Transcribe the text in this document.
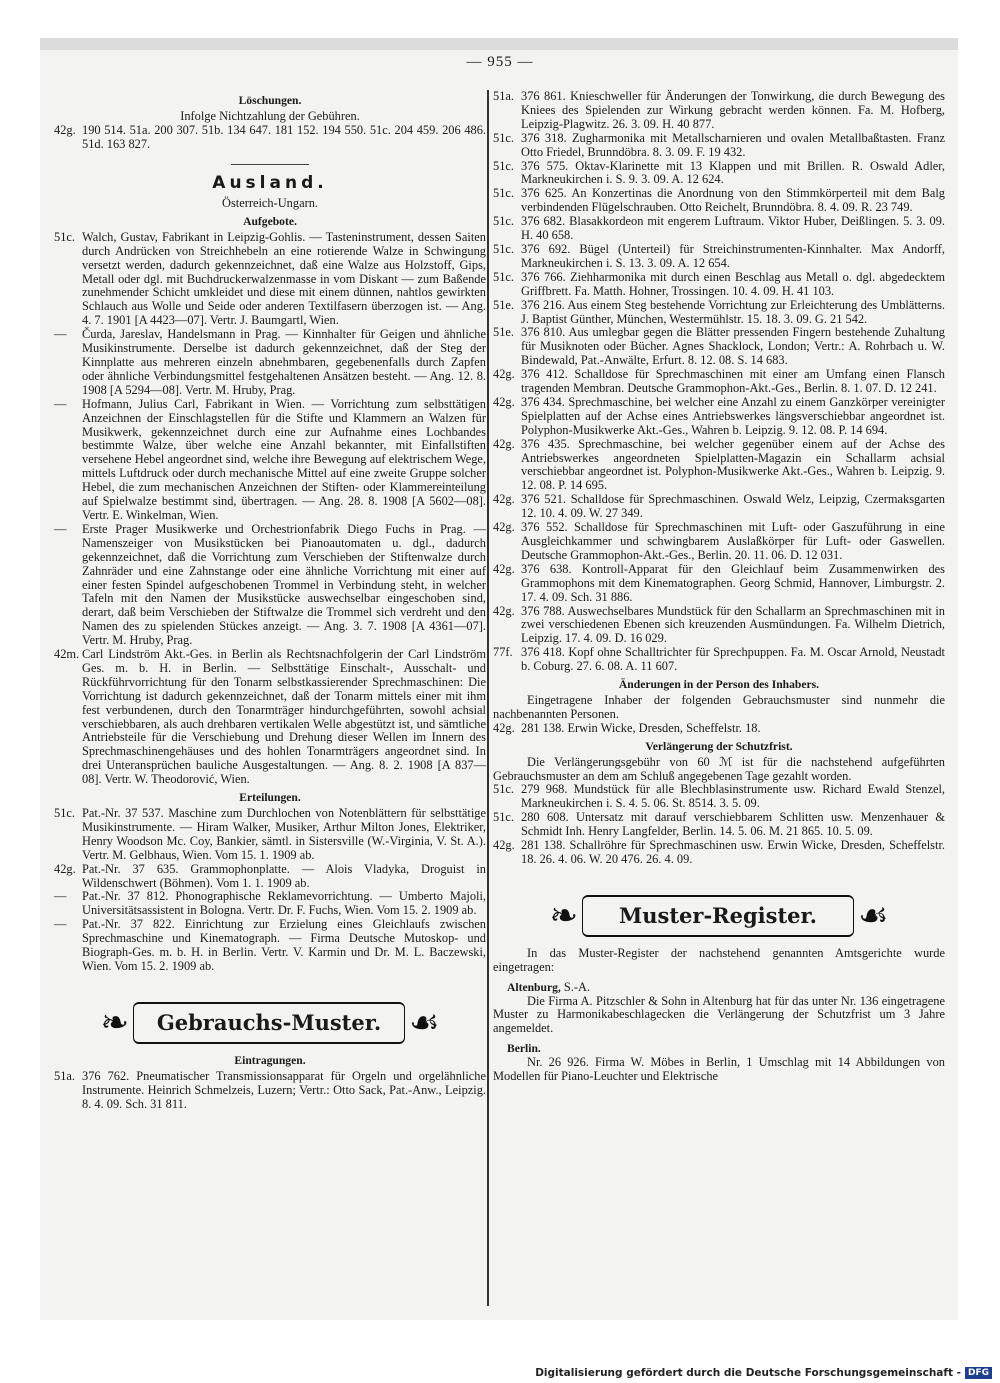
— 955 —
Löschungen.
Infolge Nichtzahlung der Gebühren.
42g. 190 514. 51a. 200 307. 51b. 134 647. 181 152. 194 550. 51c. 204 459. 206 486. 51d. 163 827.
Ausland.
Österreich-Ungarn.
Aufgebote.
51c. Walch, Gustav, Fabrikant in Leipzig-Gohlis. — Tasteninstrument, dessen Saiten durch Andrücken von Streichhebeln an eine rotierende Walze in Schwingung versetzt werden, dadurch gekennzeichnet, daß eine Walze aus Holzstoff, Gips, Metall oder dgl. mit Buchdruckerwalzenmasse in vom Diskant — zum Baßende zunehmender Schicht umkleidet und diese mit einem dünnen, nahtlos gewirkten Schlauch aus Wolle und Seide oder anderen Textilfasern überzogen ist. — Ang. 4. 7. 1901 [A 4423—07]. Vertr. J. Baumgartl, Wien.
— Čurda, Jareslav, Handelsmann in Prag. — Kinnhalter für Geigen und ähnliche Musikinstrumente. Derselbe ist dadurch gekennzeichnet, daß der Steg der Kinnplatte aus mehreren einzeln abnehmbaren, gegebenenfalls durch Zapfen oder ähnliche Verbindungsmittel festgehaltenen Ansätzen besteht. — Ang. 12. 8. 1908 [A 5294—08]. Vertr. M. Hruby, Prag.
— Hofmann, Julius Carl, Fabrikant in Wien. — Vorrichtung zum selbsttätigen Anzeichnen der Einschlagstellen für die Stifte und Klammern an Walzen für Musikwerk, gekennzeichnet durch eine zur Aufnahme eines Lochbandes bestimmte Walze, über welche eine Anzahl bekannter, mit Einfallstiften versehene Hebel angeordnet sind, welche ihre Bewegung auf elektrischem Wege, mittels Luftdruck oder durch mechanische Mittel auf eine zweite Gruppe solcher Hebel, die zum mechanischen Anzeichnen der Stiften- oder Klammereinteilung auf Spielwalze bestimmt sind, übertragen. — Ang. 28. 8. 1908 [A 5602—08]. Vertr. E. Winkelman, Wien.
— Erste Prager Musikwerke und Orchestrionfabrik Diego Fuchs in Prag. — Namenszeiger von Musikstücken bei Pianoautomaten u. dgl., dadurch gekennzeichnet, daß die Vorrichtung zum Verschieben der Stiftenwalze durch Zahnräder und eine Zahnstange oder eine ähnliche Vorrichtung mit einer auf einer festen Spindel aufgeschobenen Trommel in Verbindung steht, in welcher Tafeln mit den Namen der Musikstücke auswechselbar eingeschoben sind, derart, daß beim Verschieben der Stiftwalze die Trommel sich verdreht und den Namen des zu spielenden Stückes anzeigt. — Ang. 3. 7. 1908 [A 4361—07]. Vertr. M. Hruby, Prag.
42m. Carl Lindström Akt.-Ges. in Berlin als Rechtsnachfolgerin der Carl Lindström Ges. m. b. H. in Berlin. — Selbsttätige Einschalt-, Ausschalt- und Rückführvorrichtung für den Tonarm selbstkassierender Sprechmaschinen: Die Vorrichtung ist dadurch gekennzeichnet, daß der Tonarm mittels einer mit ihm fest verbundenen, durch den Tonarmträger hindurchgeführten, sowohl achsial verschiebbaren, als auch drehbaren vertikalen Welle abgestützt ist, und sämtliche Antriebsteile für die Verschiebung und Drehung dieser Wellen im Innern des Sprechmaschinengehäuses und des hohlen Tonarmträgers angeordnet sind. In drei Unteransprüchen bauliche Ausgestaltungen. — Ang. 8. 2. 1908 [A 837—08]. Vertr. W. Theodorović, Wien.
Erteilungen.
51c. Pat.-Nr. 37 537. Maschine zum Durchlochen von Notenblättern für selbsttätige Musikinstrumente. — Hiram Walker, Musiker, Arthur Milton Jones, Elektriker, Henry Woodson Mc. Coy, Bankier, sämtl. in Sistersville (W.-Virginia, V. St. A.). Vertr. M. Gelbhaus, Wien. Vom 15. 1. 1909 ab.
42g. Pat.-Nr. 37 635. Grammophonplatte. — Alois Vladyka, Droguist in Wildenschwert (Böhmen). Vom 1. 1. 1909 ab.
— Pat.-Nr. 37 812. Phonographische Reklamevorrichtung. — Umberto Majoli, Universitätsassistent in Bologna. Vertr. Dr. F. Fuchs, Wien. Vom 15. 2. 1909 ab.
— Pat.-Nr. 37 822. Einrichtung zur Erzielung eines Gleichlaufs zwischen Sprechmaschine und Kinematograph. — Firma Deutsche Mutoskop- und Biograph-Ges. m. b. H. in Berlin. Vertr. V. Karmin und Dr. M. L. Baczewski, Wien. Vom 15. 2. 1909 ab.
❧	Gebrauchs-Muster. ☙
Eintragungen.
51a. 376 762. Pneumatischer Transmissionsapparat für Orgeln und orgelähnliche Instrumente. Heinrich Schmelzeis, Luzern; Vertr.: Otto Sack, Pat.-Anw., Leipzig. 8. 4. 09. Sch. 31 811.
51a. 376 861. Knieschweller für Änderungen der Tonwirkung, die durch Bewegung des Kniees des Spielenden zur Wirkung gebracht werden können. Fa. M. Hofberg, Leipzig-Plagwitz. 26. 3. 09. H. 40 877.
51c. 376 318. Zugharmonika mit Metallscharnieren und ovalen Metallbaßtasten. Franz Otto Friedel, Brunndöbra. 8. 3. 09. F. 19 432.
51c. 376 575. Oktav-Klarinette mit 13 Klappen und mit Brillen. R. Oswald Adler, Markneukirchen i. S. 9. 3. 09. A. 12 624.
51c. 376 625. An Konzertinas die Anordnung von den Stimmkörperteil mit dem Balg verbindenden Flügelschrauben. Otto Reichelt, Brunndöbra. 8. 4. 09. R. 23 749.
51c. 376 682. Blasakkordeon mit engerem Luftraum. Viktor Huber, Deißlingen. 5. 3. 09. H. 40 658.
51c. 376 692. Bügel (Unterteil) für Streichinstrumenten-Kinnhalter. Max Andorff, Markneukirchen i. S. 13. 3. 09. A. 12 654.
51c. 376 766. Ziehharmonika mit durch einen Beschlag aus Metall o. dgl. abgedecktem Griffbrett. Fa. Matth. Hohner, Trossingen. 10. 4. 09. H. 41 103.
51e. 376 216. Aus einem Steg bestehende Vorrichtung zur Erleichterung des Umblätterns. J. Baptist Günther, München, Westermühlstr. 15. 18. 3. 09. G. 21 542.
51e. 376 810. Aus umlegbar gegen die Blätter pressenden Fingern bestehende Zuhaltung für Musiknoten oder Bücher. Agnes Shacklock, London; Vertr.: A. Rohrbach u. W. Bindewald, Pat.-Anwälte, Erfurt. 8. 12. 08. S. 14 683.
42g. 376 412. Schalldose für Sprechmaschinen mit einer am Umfang einen Flansch tragenden Membran. Deutsche Grammophon-Akt.-Ges., Berlin. 8. 1. 07. D. 12 241.
42g. 376 434. Sprechmaschine, bei welcher eine Anzahl zu einem Ganzkörper vereinigter Spielplatten auf der Achse eines Antriebswerkes längsverschiebbar angeordnet ist. Polyphon-Musikwerke Akt.-Ges., Wahren b. Leipzig. 9. 12. 08. P. 14 694.
42g. 376 435. Sprechmaschine, bei welcher gegenüber einem auf der Achse des Antriebswerkes angeordneten Spielplatten-Magazin ein Schallarm achsial verschiebbar angeordnet ist. Polyphon-Musikwerke Akt.-Ges., Wahren b. Leipzig. 9. 12. 08. P. 14 695.
42g. 376 521. Schalldose für Sprechmaschinen. Oswald Welz, Leipzig, Czermaksgarten 12. 10. 4. 09. W. 27 349.
42g. 376 552. Schalldose für Sprechmaschinen mit Luft- oder Gaszuführung in eine Ausgleichkammer und schwingbarem Auslaßkörper für Luft- oder Gaswellen. Deutsche Grammophon-Akt.-Ges., Berlin. 20. 11. 06. D. 12 031.
42g. 376 638. Kontroll-Apparat für den Gleichlauf beim Zusammenwirken des Grammophons mit dem Kinematographen. Georg Schmid, Hannover, Limburgstr. 2. 17. 4. 09. Sch. 31 886.
42g. 376 788. Auswechselbares Mundstück für den Schallarm an Sprechmaschinen mit in zwei verschiedenen Ebenen sich kreuzenden Ausmündungen. Fa. Wilhelm Dietrich, Leipzig. 17. 4. 09. D. 16 029.
77f. 376 418. Kopf ohne Schalltrichter für Sprechpuppen. Fa. M. Oscar Arnold, Neustadt b. Coburg. 27. 6. 08. A. 11 607.
Änderungen in der Person des Inhabers.
Eingetragene Inhaber der folgenden Gebrauchsmuster sind nunmehr die nachbenannten Personen.
42g. 281 138. Erwin Wicke, Dresden, Scheffelstr. 18.
Verlängerung der Schutzfrist.
Die Verlängerungsgebühr von 60 ℳ ist für die nachstehend aufgeführten Gebrauchsmuster an dem am Schluß angegebenen Tage gezahlt worden.
51c. 279 968. Mundstück für alle Blechblasinstrumente usw. Richard Ewald Stenzel, Markneukirchen i. S. 4. 5. 06. St. 8514. 3. 5. 09.
51c. 280 608. Untersatz mit darauf verschiebbarem Schlitten usw. Menzenhauer & Schmidt Inh. Henry Langfelder, Berlin. 14. 5. 06. M. 21 865. 10. 5. 09.
42g. 281 138. Schallröhre für Sprechmaschinen usw. Erwin Wicke, Dresden, Scheffelstr. 18. 26. 4. 06. W. 20 476. 26. 4. 09.
❧	Muster-Register.	☙
In das Muster-Register der nachstehend genannten Amtsgerichte wurde eingetragen:
Altenburg, S.-A.
Die Firma A. Pitzschler & Sohn in Altenburg hat für das unter Nr. 136 eingetragene Muster zu Harmonikabeschlagecken die Verlängerung der Schutzfrist um 3 Jahre angemeldet.
Berlin.
Nr. 26 926. Firma W. Möbes in Berlin, 1 Umschlag mit 14 Abbildungen von Modellen für Piano-Leuchter und Elektrische
Digitalisierung gefördert durch die Deutsche Forschungsgemeinschaft - DFG
